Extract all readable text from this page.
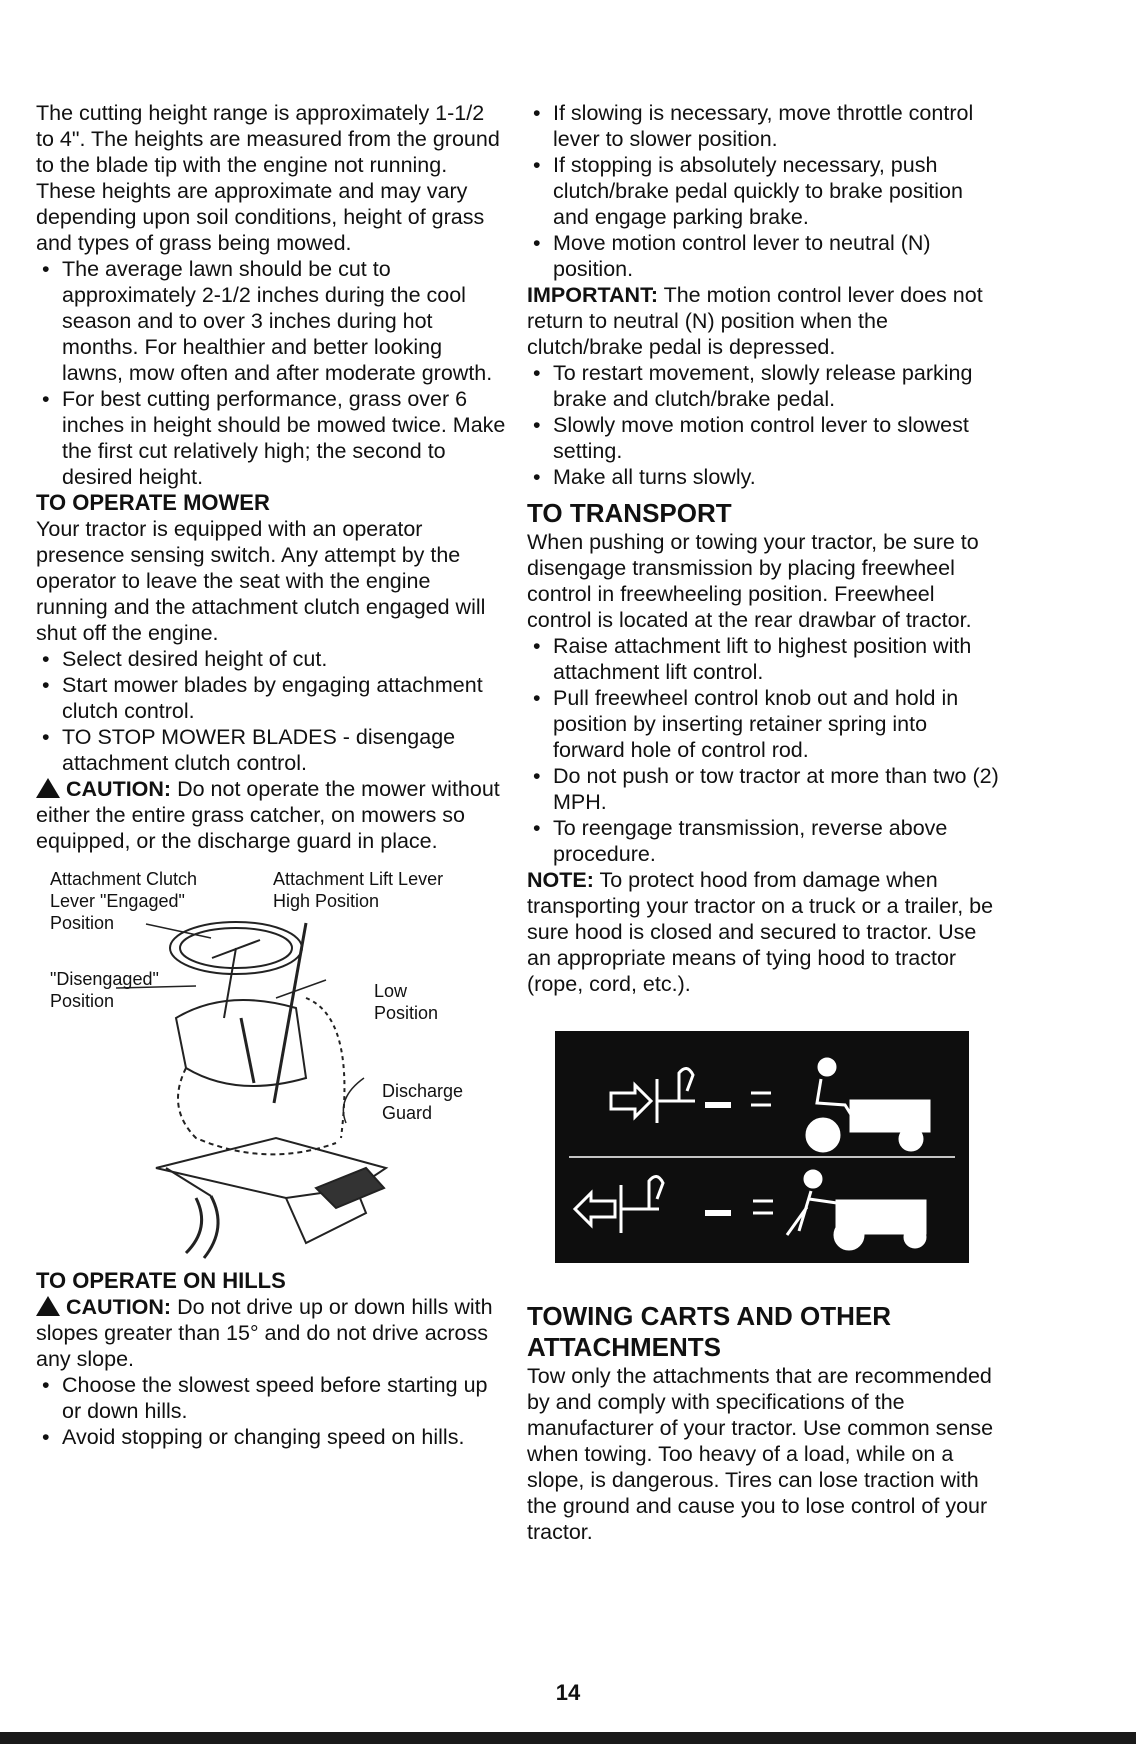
The cutting height range is approximately 1-1/2 to 4". The heights are measured from the ground to the blade tip with the engine not running. These heights are approximate and may vary depending upon soil conditions, height of grass and types of grass being mowed.

• The average lawn should be cut to approximately 2-1/2 inches during the cool season and to over 3 inches during hot months. For healthier and better looking lawns, mow often and after moderate growth.
• For best cutting performance, grass over 6 inches in height should be mowed twice. Make the first cut relatively high; the second to desired height.
TO OPERATE MOWER

Your tractor is equipped with an operator presence sensing switch. Any attempt by the operator to leave the seat with the engine running and the attachment clutch engaged will shut off the engine.

• Select desired height of cut.
• Start mower blades by engaging attachment clutch control.
• TO STOP MOWER BLADES - disengage attachment clutch control.

CAUTION: Do not operate the mower without either the entire grass catcher, on mowers so equipped, or the discharge guard in place.

Attachment Clutch Lever "Engaged" Position
Attachment Lift Lever High Position
"Disengaged" Position	Low Position
Discharge Guard
TO OPERATE ON HILLS

CAUTION: Do not drive up or down hills with slopes greater than 15° and do not drive across any slope.

• Choose the slowest speed before starting up or down hills.
• Avoid stopping or changing speed on hills.
• If slowing is necessary, move throttle control lever to slower position.
• If stopping is absolutely necessary, push clutch/brake pedal quickly to brake position and engage parking brake.
• Move motion control lever to neutral (N) position.

IMPORTANT: The motion control lever does not return to neutral (N) position when the clutch/brake pedal is depressed.

• To restart movement, slowly release parking brake and clutch/brake pedal.
• Slowly move motion control lever to slowest setting.
• Make all turns slowly.
TO TRANSPORT

When pushing or towing your tractor, be sure to disengage transmission by placing freewheel control in freewheeling position. Freewheel control is located at the rear drawbar of tractor.

• Raise attachment lift to highest position with attachment lift control.
• Pull freewheel control knob out and hold in position by inserting retainer spring into forward hole of control rod.
• Do not push or tow tractor at more than two (2) MPH.
• To reengage transmission, reverse above procedure.

NOTE: To protect hood from damage when transporting your tractor on a truck or a trailer, be sure hood is closed and secured to tractor. Use an appropriate means of tying hood to tractor (rope, cord, etc.).

TOWING CARTS AND OTHER ATTACHMENTS

Tow only the attachments that are recommended by and comply with specifications of the manufacturer of your tractor. Use common sense when towing. Too heavy of a load, while on a slope, is dangerous. Tires can lose traction with the ground and cause you to lose control of your tractor.

14
